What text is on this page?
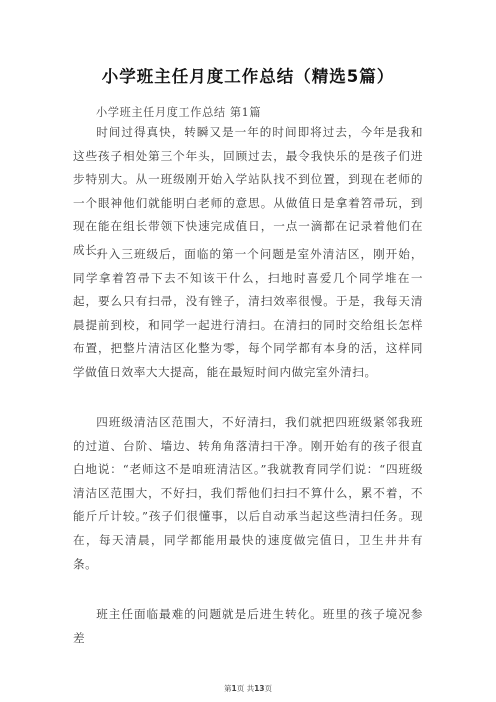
小学班主任月度工作总结（精选5篇）
小学班主任月度工作总结 第1篇

时间过得真快，转瞬又是一年的时间即将过去，今年是我和这些孩子相处第三个年头，回顾过去，最令我快乐的是孩子们进步特别大。从一班级刚开始入学站队找不到位置，到现在老师的一个眼神他们就能明白老师的意思。从做值日是拿着笤帚玩，到现在能在组长带领下快速完成值日，一点一滴都在记录着他们在成长。

升入三班级后，面临的第一个问题是室外清洁区，刚开始，同学拿着笤帚下去不知该干什么，扫地时喜爱几个同学堆在一起，要么只有扫帚，没有锉子，清扫效率很慢。于是，我每天清晨提前到校，和同学一起进行清扫。在清扫的同时交给组长怎样布置，把整片清洁区化整为零，每个同学都有本身的活，这样同学做值日效率大大提高，能在最短时间内做完室外清扫。

四班级清洁区范围大，不好清扫，我们就把四班级紧邻我班的过道、台阶、墙边、转角角落清扫干净。刚开始有的孩子很直白地说：“老师这不是咱班清洁区。”我就教育同学们说：“四班级清洁区范围大，不好扫，我们帮他们扫扫不算什么，累不着，不能斤斤计较。”孩子们很懂事，以后自动承当起这些清扫任务。现在，每天清晨，同学都能用最快的速度做完值日，卫生井井有条。

班主任面临最难的问题就是后进生转化。班里的孩子境况参差

第1页 共13页
